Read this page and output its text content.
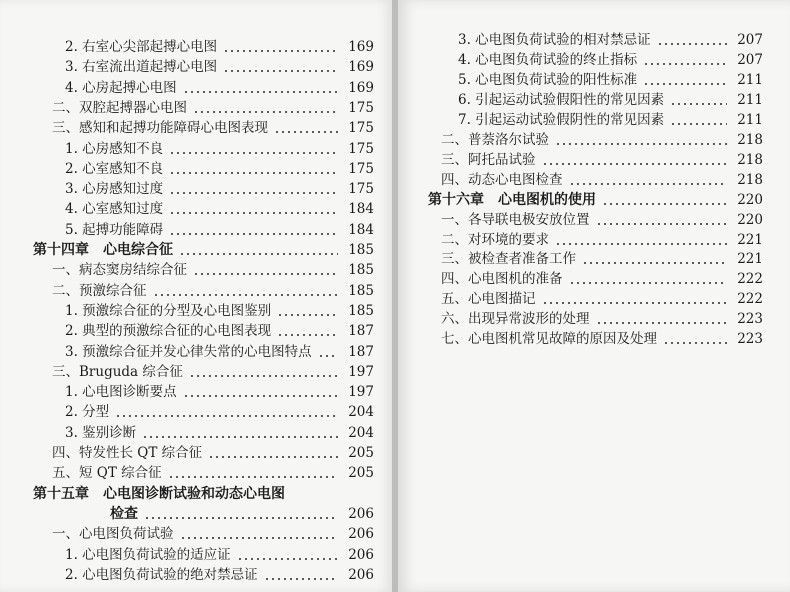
2. 右室心尖部起搏心电图	169
3. 右室流出道起搏心电图	169
4. 心房起搏心电图	169
二、双腔起搏器心电图	175
三、感知和起搏功能障碍心电图表现	175
1. 心房感知不良	175
2. 心室感知不良	175
3. 心房感知过度	175
4. 心室感知过度	184
5. 起搏功能障碍	184
第十四章　心电综合征	185
一、病态窦房结综合征	185
二、预激综合征	185
1. 预激综合征的分型及心电图鉴别	185
2. 典型的预激综合征的心电图表现	187
3. 预激综合征并发心律失常的心电图特点	187
三、Bruguda 综合征	197
1. 心电图诊断要点	197
2. 分型	204
3. 鉴别诊断	204
四、特发性长 QT 综合征	205
五、短 QT 综合征	205
第十五章　心电图诊断试验和动态心电图
检查	206
一、心电图负荷试验	206
1. 心电图负荷试验的适应证	206
2. 心电图负荷试验的绝对禁忌证	206
3. 心电图负荷试验的相对禁忌证	207
4. 心电图负荷试验的终止指标	207
5. 心电图负荷试验的阳性标准	211
6. 引起运动试验假阳性的常见因素	211
7. 引起运动试验假阴性的常见因素	211
二、普萘洛尔试验	218
三、阿托品试验	218
四、动态心电图检查	218
第十六章　心电图机的使用	220
一、各导联电极安放位置	220
二、对环境的要求	221
三、被检查者准备工作	221
四、心电图机的准备	222
五、心电图描记	222
六、出现异常波形的处理	223
七、心电图机常见故障的原因及处理	223
